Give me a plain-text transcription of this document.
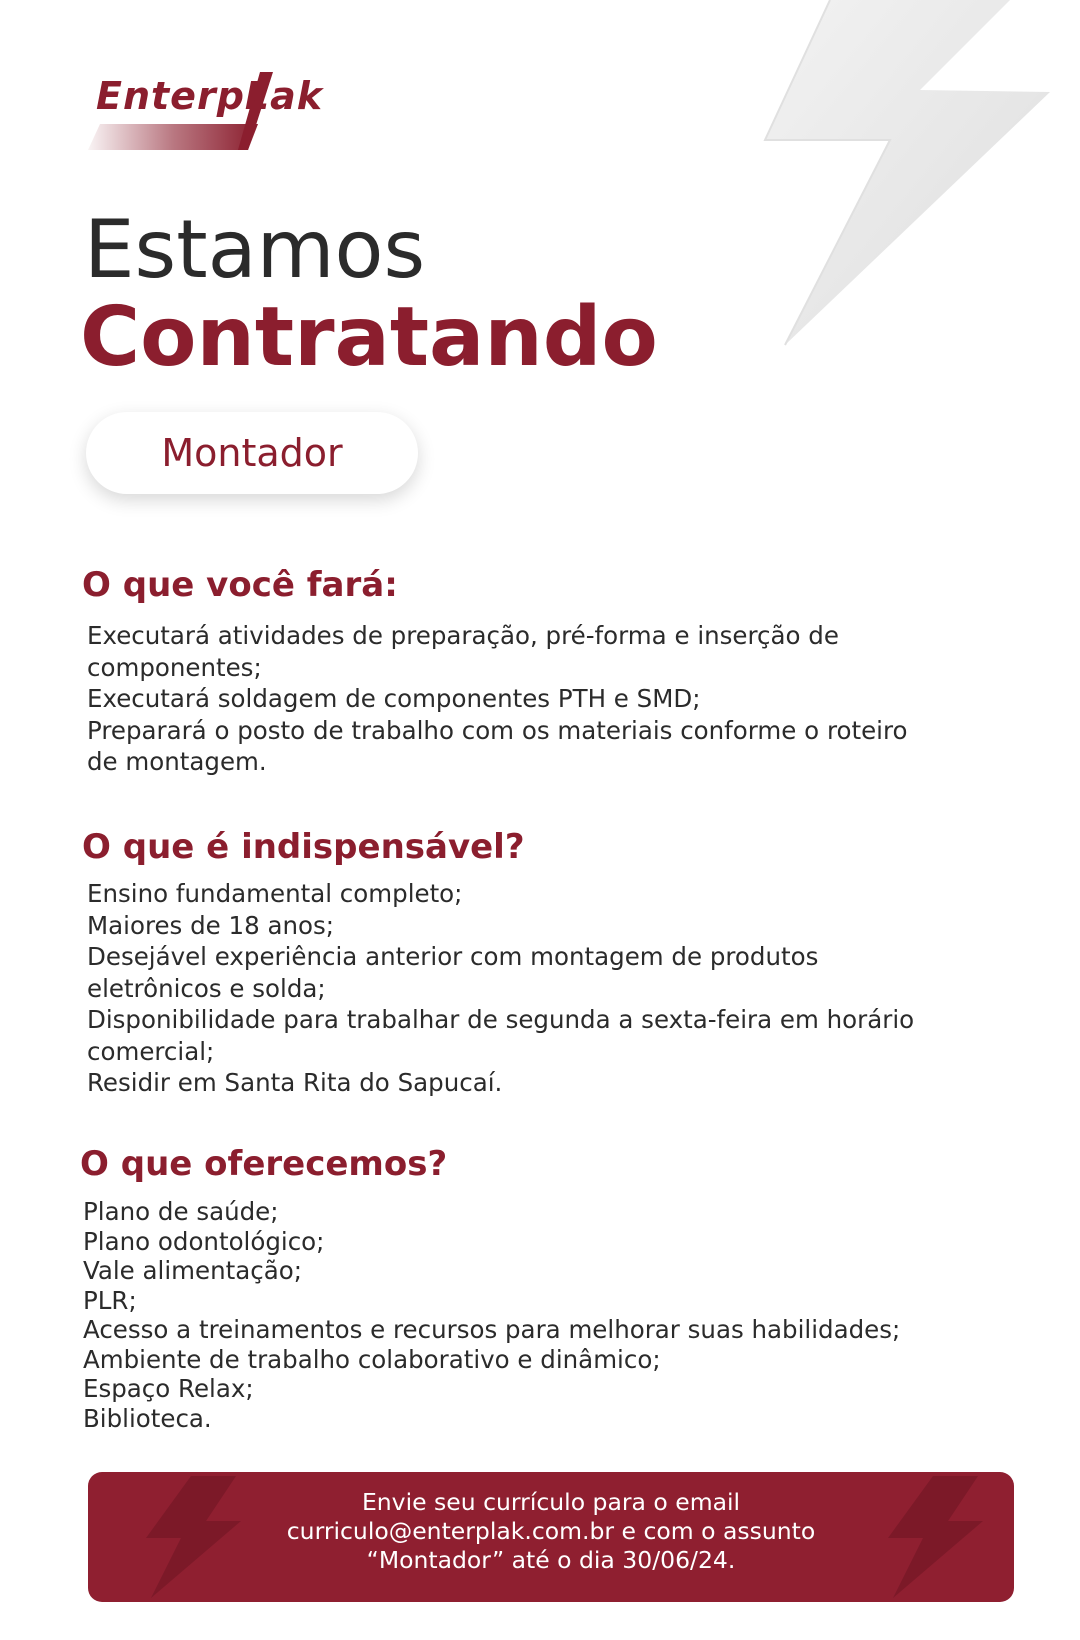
EnterpLak
Estamos
Contratando
Montador
O que você fará:
Executará atividades de preparação, pré-forma e inserção de
componentes;
Executará soldagem de componentes PTH e SMD;
Preparará o posto de trabalho com os materiais conforme o roteiro
de montagem.
O que é indispensável?
Ensino fundamental completo;
Maiores de 18 anos;
Desejável experiência anterior com montagem de produtos
eletrônicos e solda;
Disponibilidade para trabalhar de segunda a sexta-feira em horário
comercial;
Residir em Santa Rita do Sapucaí.
O que oferecemos?
Plano de saúde;
Plano odontológico;
Vale alimentação;
PLR;
Acesso a treinamentos e recursos para melhorar suas habilidades;
Ambiente de trabalho colaborativo e dinâmico;
Espaço Relax;
Biblioteca.
Envie seu currículo para o email
curriculo@enterplak.com.br e com o assunto
“Montador” até o dia 30/06/24.
